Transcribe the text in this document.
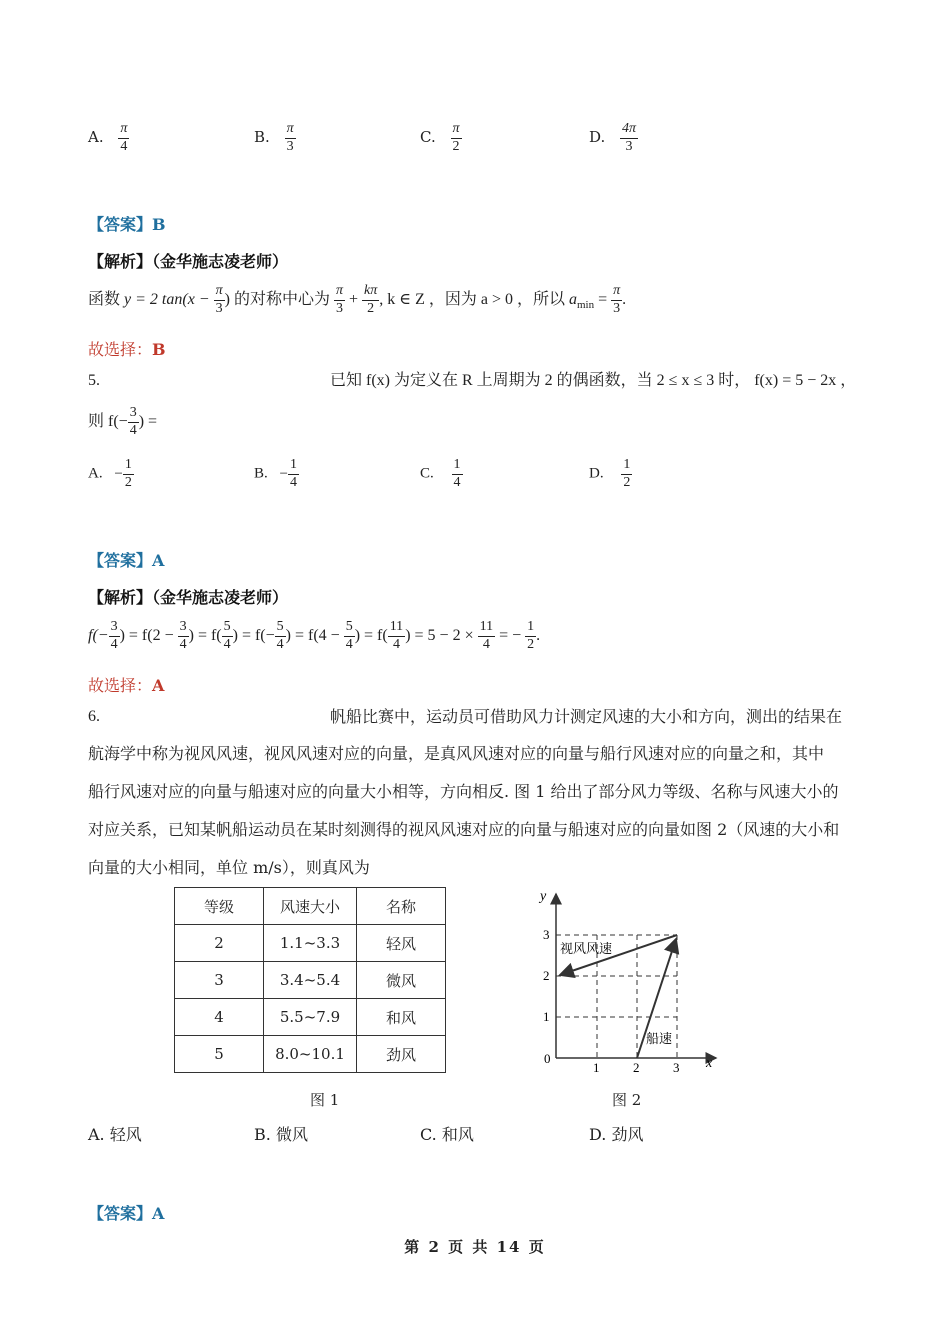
A. $\frac{\pi}{4}$	B. $\frac{\pi}{3}$	C. $\frac{\pi}{2}$	D. $\frac{4\pi}{3}$
【答案】B
【解析】（金华施志凌老师）
函数 y = 2 $\tan(x - \frac{\pi}{3}$ ) 的对称中心为 $\frac{\pi}{3} + \frac{k\pi}{2}$ , k ∈ Z ，因为 a > 0 ，所以 $a_{min} = \frac{\pi}{3}$ .
故选择：B
5.	已知 f(x) 为定义在 R 上周期为 2 的偶函数，当 2 ≤ x ≤ 3 时， f(x) = 5 − 2x ，
则 $f(- \frac{3}{4}$ ) =
A. − $\frac{1}{2}$	B. − $\frac{1}{4}$	C. $\frac{1}{4}$	D. $\frac{1}{2}$
【答案】A
【解析】（金华施志凌老师）
$f(- \frac{3}{4}$ ) = $f(2 - \frac{3}{4}$ ) = $f( \frac{5}{4}$ ) = $f(- \frac{5}{4}$ ) = $f(4 - \frac{5}{4}$ ) = $f( \frac{11}{4}$ ) = $5 - 2 \times \frac{11}{4}$ = − $\frac{1}{2}$ .
故选择：A
6.	帆船比赛中，运动员可借助风力计测定风速的大小和方向，测出的结果在
航海学中称为视风风速，视风风速对应的向量，是真风风速对应的向量与船行风速对应的向量之和，其中
船行风速对应的向量与船速对应的向量大小相等，方向相反. 图 1 给出了部分风力等级、名称与风速大小的
对应关系，已知某帆船运动员在某时刻测得的视风风速对应的向量与船速对应的向量如图 2（风速的大小和
向量的大小相同，单位 m/s），则真风为
等级	风速大小	名称
2	1.1~3.3	轻风
3	3.4~5.4	微风
4	5.5~7.9	和风
5	8.0~10.1	劲风
图 1
y
x
0
1	2	3
1
2
3
视风风速
船速
图 2
A. 轻风	B. 微风	C. 和风	D. 劲风
【答案】A
第 2 页 共 14 页
